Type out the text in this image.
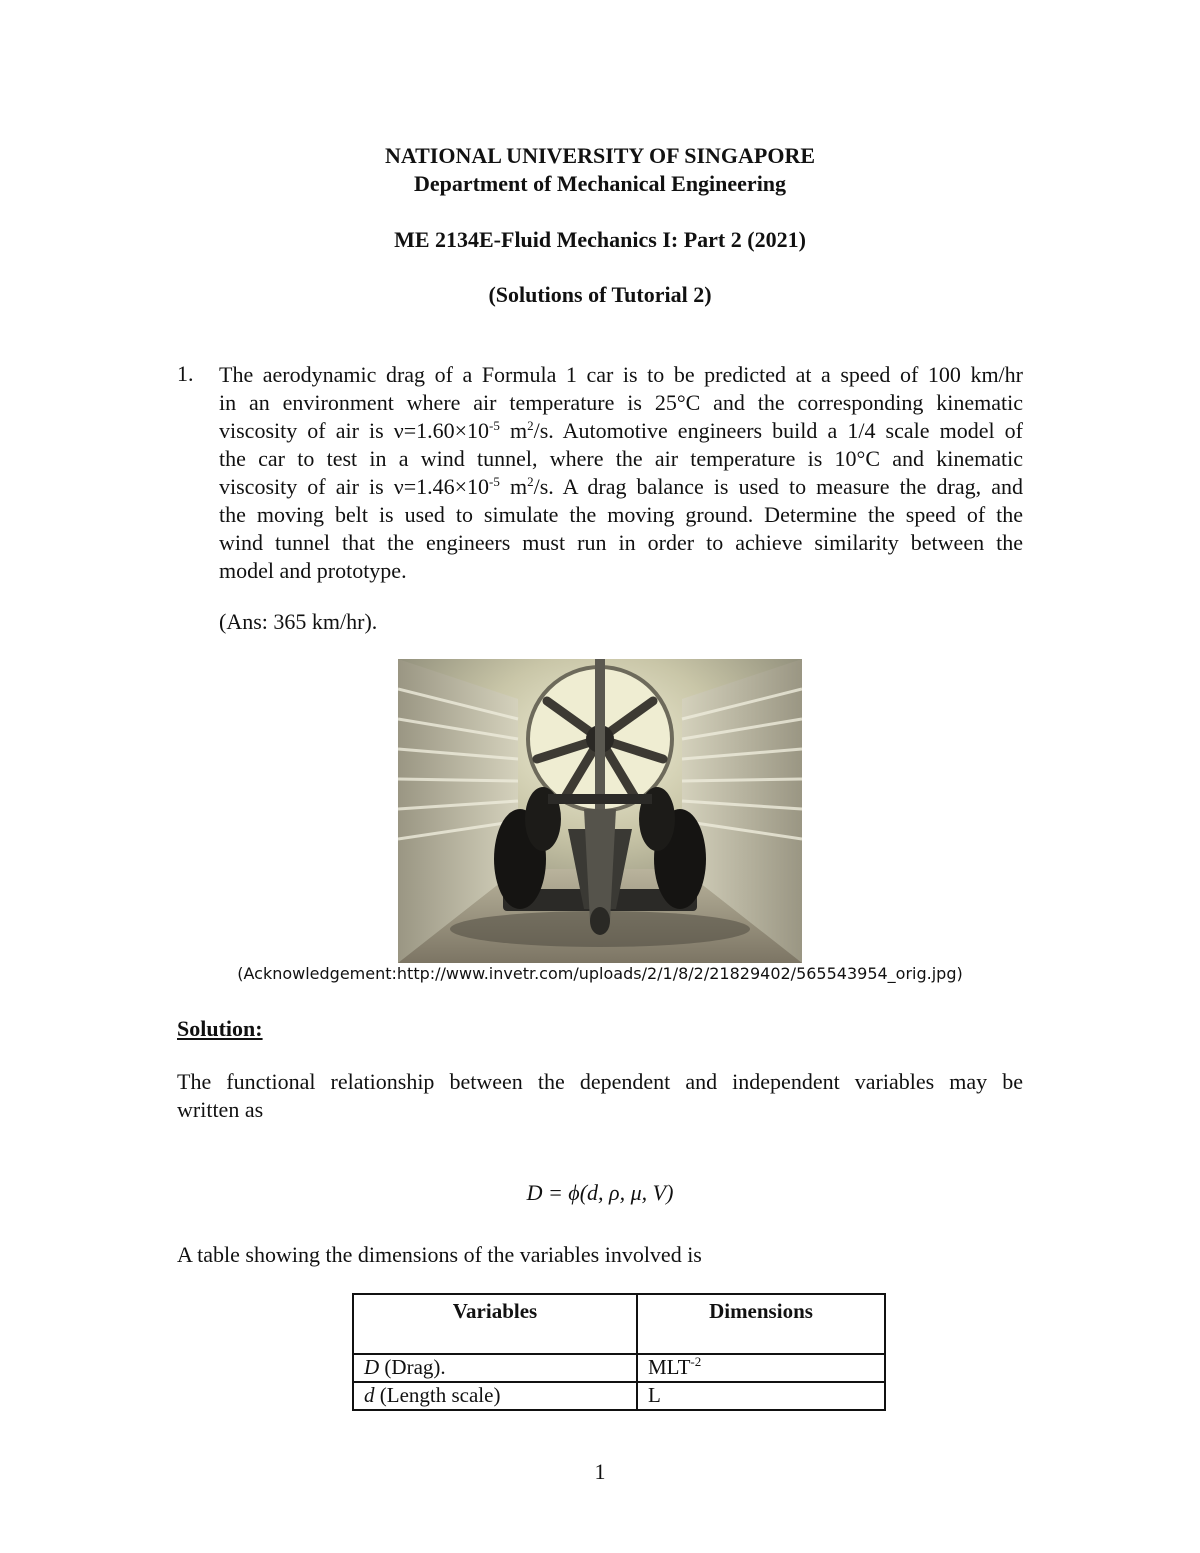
NATIONAL UNIVERSITY OF SINGAPORE
Department of Mechanical Engineering
ME 2134E-Fluid Mechanics I: Part 2 (2021)
(Solutions of Tutorial 2)
1. The aerodynamic drag of a Formula 1 car is to be predicted at a speed of 100 km/hr
in an environment where air temperature is 25°C and the corresponding kinematic
viscosity of air is $\nu=1.60\times 10^{-5}$ $m^2/s$. Automotive engineers build a 1/4 scale model of
the car to test in a wind tunnel, where the air temperature is 10°C and kinematic
viscosity of air is $\nu=1.46\times 10^{-5}$ $m^2/s$. A drag balance is used to measure the drag, and
the moving belt is used to simulate the moving ground. Determine the speed of the
wind tunnel that the engineers must run in order to achieve similarity between the
model and prototype.
(Ans: 365 km/hr).
(Acknowledgement:http://www.invetr.com/uploads/2/1/8/2/21829402/565543954_orig.jpg)
Solution:
The functional relationship between the dependent and independent variables may be
written as
D = ϕ(d, ρ, μ, V)
A table showing the dimensions of the variables involved is
Variables	Dimensions
D (Drag).	$MLT^{-2}$
d (Length scale)	L
1
